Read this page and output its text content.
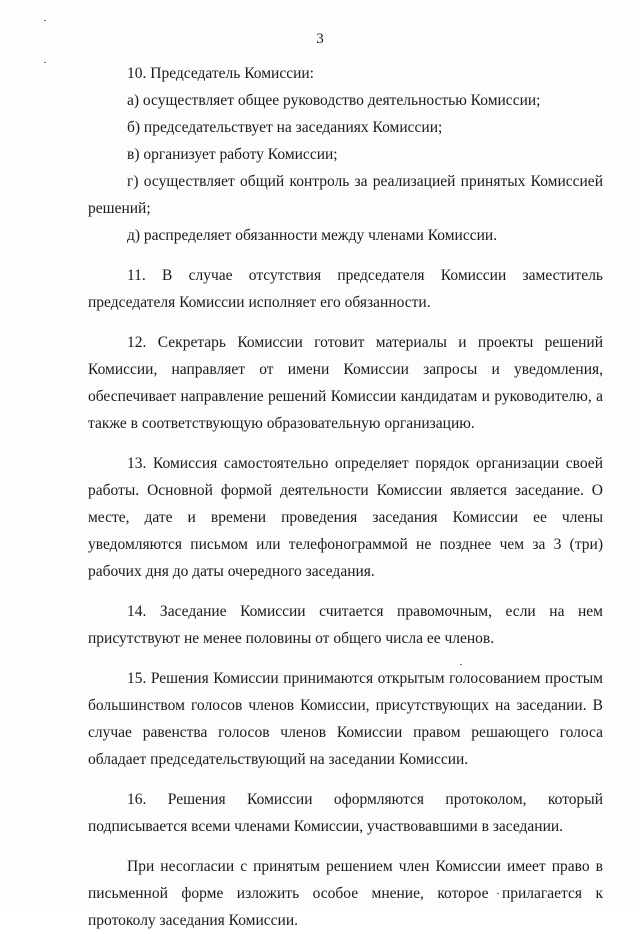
3

10. Председатель Комиссии:

а) осуществляет общее руководство деятельностью Комиссии;

б) председательствует на заседаниях Комиссии;

в) организует работу Комиссии;

г) осуществляет общий контроль за реализацией принятых Комиссией решений;

д) распределяет обязанности между членами Комиссии.

11. В случае отсутствия председателя Комиссии заместитель председателя Комиссии исполняет его обязанности.

12. Секретарь Комиссии готовит материалы и проекты решений Комиссии, направляет от имени Комиссии запросы и уведомления, обеспечивает направление решений Комиссии кандидатам и руководителю, а также в соответствующую образовательную организацию.

13. Комиссия самостоятельно определяет порядок организации своей работы. Основной формой деятельности Комиссии является заседание. О месте, дате и времени проведения заседания Комиссии ее члены уведомляются письмом или телефонограммой не позднее чем за 3 (три) рабочих дня до даты очередного заседания.

14. Заседание Комиссии считается правомочным, если на нем присутствуют не менее половины от общего числа ее членов.

15. Решения Комиссии принимаются открытым голосованием простым большинством голосов членов Комиссии, присутствующих на заседании. В случае равенства голосов членов Комиссии правом решающего голоса обладает председательствующий на заседании Комиссии.

16. Решения Комиссии оформляются протоколом, который подписывается всеми членами Комиссии, участвовавшими в заседании.

При несогласии с принятым решением член Комиссии имеет право в письменной форме изложить особое мнение, которое прилагается к протоколу заседания Комиссии.
